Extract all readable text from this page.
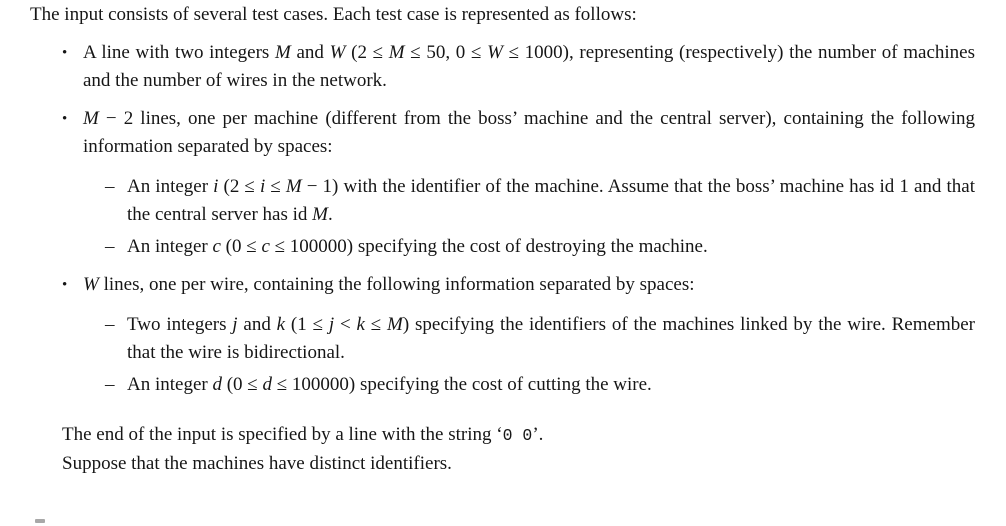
The input consists of several test cases. Each test case is represented as follows:

• A line with two integers M and W (2 ≤ M ≤ 50, 0 ≤ W ≤ 1000), representing (respectively) the number of machines and the number of wires in the network.
• M − 2 lines, one per machine (different from the boss’ machine and the central server), containing the following information separated by spaces:
– An integer i (2 ≤ i ≤ M − 1) with the identifier of the machine. Assume that the boss’ machine has id 1 and that the central server has id M.
– An integer c (0 ≤ c ≤ 100000) specifying the cost of destroying the machine.
• W lines, one per wire, containing the following information separated by spaces:
– Two integers j and k (1 ≤ j < k ≤ M) specifying the identifiers of the machines linked by the wire. Remember that the wire is bidirectional.
– An integer d (0 ≤ d ≤ 100000) specifying the cost of cutting the wire.

The end of the input is specified by a line with the string ‘0 0’.

Suppose that the machines have distinct identifiers.
